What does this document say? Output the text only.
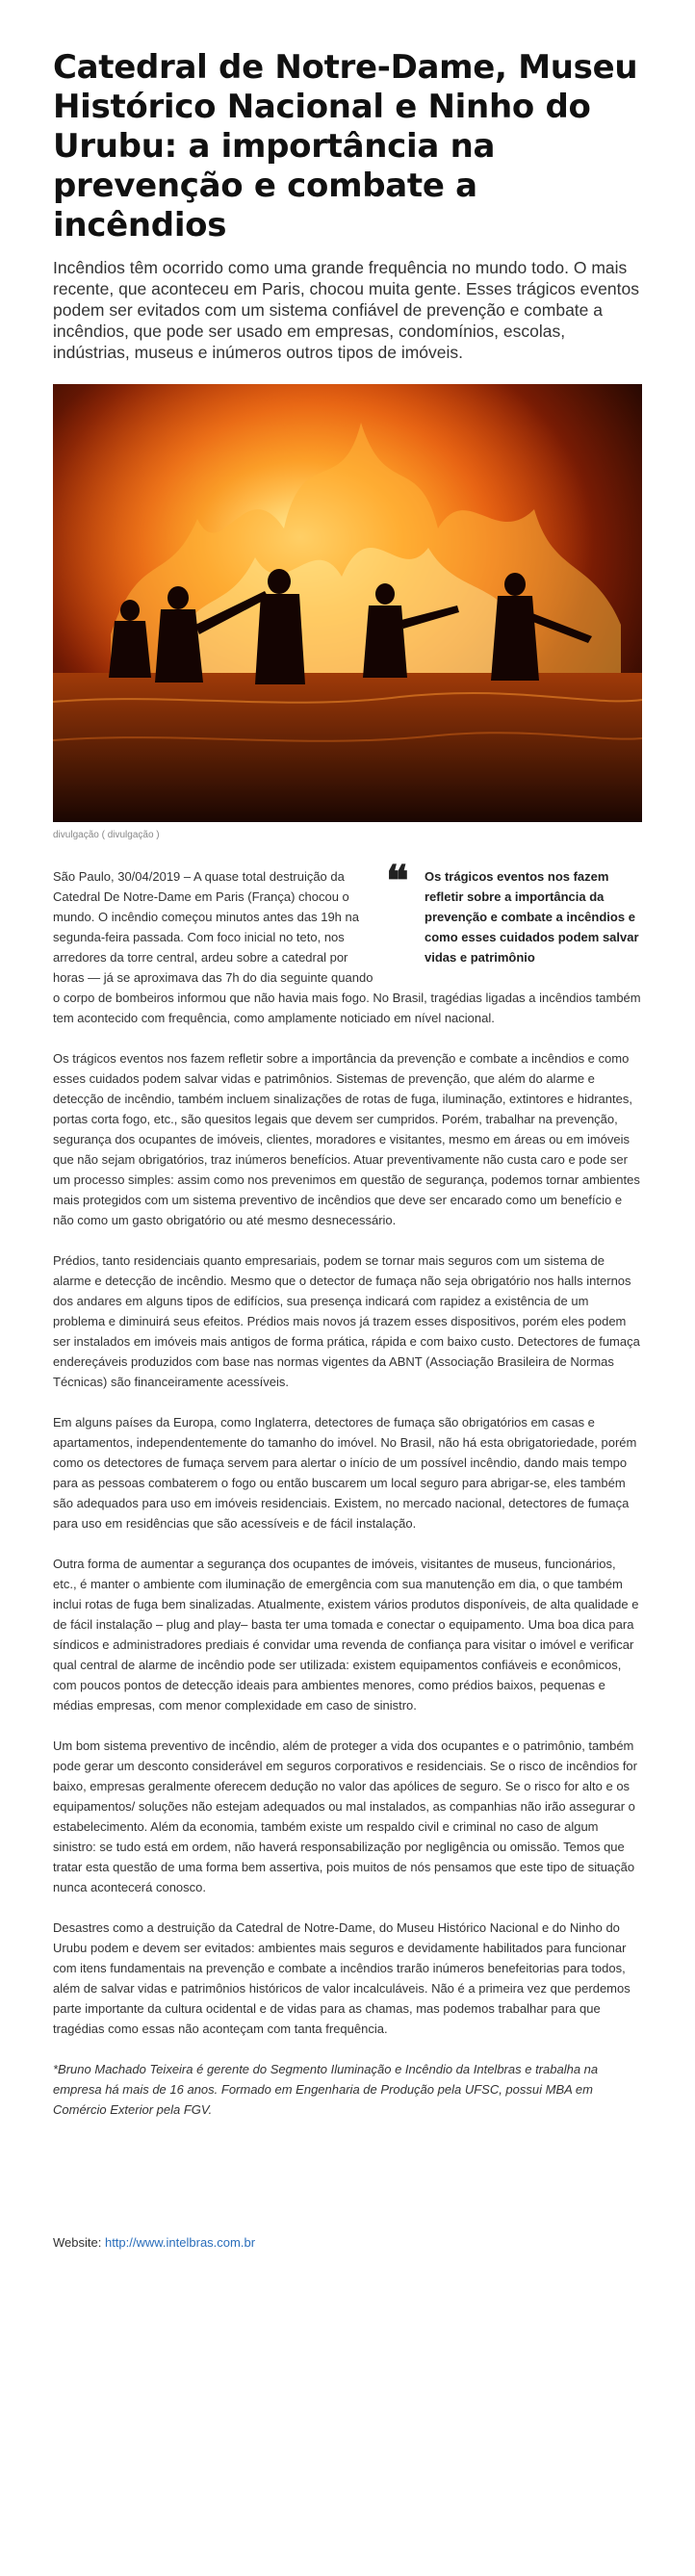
Catedral de Notre-Dame, Museu Histórico Nacional e Ninho do Urubu: a importância na prevenção e combate a incêndios

Incêndios têm ocorrido como uma grande frequência no mundo todo. O mais recente, que aconteceu em Paris, chocou muita gente. Esses trágicos eventos podem ser evitados com um sistema confiável de prevenção e combate a incêndios, que pode ser usado em empresas, condomínios, escolas, indústrias, museus e inúmeros outros tipos de imóveis.

divulgação ( divulgação )
❝	Os trágicos eventos nos fazem refletir sobre a importância da prevenção e combate a incêndios e como esses cuidados podem salvar vidas e patrimônio

São Paulo, 30/04/2019 – A quase total destruição da Catedral De Notre-Dame em Paris (França) chocou o mundo. O incêndio começou minutos antes das 19h na segunda-feira passada. Com foco inicial no teto, nos arredores da torre central, ardeu sobre a catedral por horas — já se aproximava das 7h do dia seguinte quando o corpo de bombeiros informou que não havia mais fogo. No Brasil, tragédias ligadas a incêndios também tem acontecido com frequência, como amplamente noticiado em nível nacional.

Os trágicos eventos nos fazem refletir sobre a importância da prevenção e combate a incêndios e como esses cuidados podem salvar vidas e patrimônios. Sistemas de prevenção, que além do alarme e detecção de incêndio, também incluem sinalizações de rotas de fuga, iluminação, extintores e hidrantes, portas corta fogo, etc., são quesitos legais que devem ser cumpridos. Porém, trabalhar na prevenção, segurança dos ocupantes de imóveis, clientes, moradores e visitantes, mesmo em áreas ou em imóveis que não sejam obrigatórios, traz inúmeros benefícios. Atuar preventivamente não custa caro e pode ser um processo simples: assim como nos prevenimos em questão de segurança, podemos tornar ambientes mais protegidos com um sistema preventivo de incêndios que deve ser encarado como um benefício e não como um gasto obrigatório ou até mesmo desnecessário.

Prédios, tanto residenciais quanto empresariais, podem se tornar mais seguros com um sistema de alarme e detecção de incêndio. Mesmo que o detector de fumaça não seja obrigatório nos halls internos dos andares em alguns tipos de edifícios, sua presença indicará com rapidez a existência de um problema e diminuirá seus efeitos. Prédios mais novos já trazem esses dispositivos, porém eles podem ser instalados em imóveis mais antigos de forma prática, rápida e com baixo custo. Detectores de fumaça endereçáveis produzidos com base nas normas vigentes da ABNT (Associação Brasileira de Normas Técnicas) são financeiramente acessíveis.

Em alguns países da Europa, como Inglaterra, detectores de fumaça são obrigatórios em casas e apartamentos, independentemente do tamanho do imóvel. No Brasil, não há esta obrigatoriedade, porém como os detectores de fumaça servem para alertar o início de um possível incêndio, dando mais tempo para as pessoas combaterem o fogo ou então buscarem um local seguro para abrigar-se, eles também são adequados para uso em imóveis residenciais. Existem, no mercado nacional, detectores de fumaça para uso em residências que são acessíveis e de fácil instalação.

Outra forma de aumentar a segurança dos ocupantes de imóveis, visitantes de museus, funcionários, etc., é manter o ambiente com iluminação de emergência com sua manutenção em dia, o que também inclui rotas de fuga bem sinalizadas. Atualmente, existem vários produtos disponíveis, de alta qualidade e de fácil instalação – plug and play– basta ter uma tomada e conectar o equipamento. Uma boa dica para síndicos e administradores prediais é convidar uma revenda de confiança para visitar o imóvel e verificar qual central de alarme de incêndio pode ser utilizada: existem equipamentos confiáveis e econômicos, com poucos pontos de detecção ideais para ambientes menores, como prédios baixos, pequenas e médias empresas, com menor complexidade em caso de sinistro.

Um bom sistema preventivo de incêndio, além de proteger a vida dos ocupantes e o patrimônio, também pode gerar um desconto considerável em seguros corporativos e residenciais. Se o risco de incêndios for baixo, empresas geralmente oferecem dedução no valor das apólices de seguro. Se o risco for alto e os equipamentos/ soluções não estejam adequados ou mal instalados, as companhias não irão assegurar o estabelecimento. Além da economia, também existe um respaldo civil e criminal no caso de algum sinistro: se tudo está em ordem, não haverá responsabilização por negligência ou omissão. Temos que tratar esta questão de uma forma bem assertiva, pois muitos de nós pensamos que este tipo de situação nunca acontecerá conosco.

Desastres como a destruição da Catedral de Notre-Dame, do Museu Histórico Nacional e do Ninho do Urubu podem e devem ser evitados: ambientes mais seguros e devidamente habilitados para funcionar com itens fundamentais na prevenção e combate a incêndios trarão inúmeros benefeitorias para todos, além de salvar vidas e patrimônios históricos de valor incalculáveis. Não é a primeira vez que perdemos parte importante da cultura ocidental e de vidas para as chamas, mas podemos trabalhar para que tragédias como essas não aconteçam com tanta frequência.

*Bruno Machado Teixeira é gerente do Segmento Iluminação e Incêndio da Intelbras e trabalha na empresa há mais de 16 anos. Formado em Engenharia de Produção pela UFSC, possui MBA em Comércio Exterior pela FGV.

Website: http://www.intelbras.com.br
